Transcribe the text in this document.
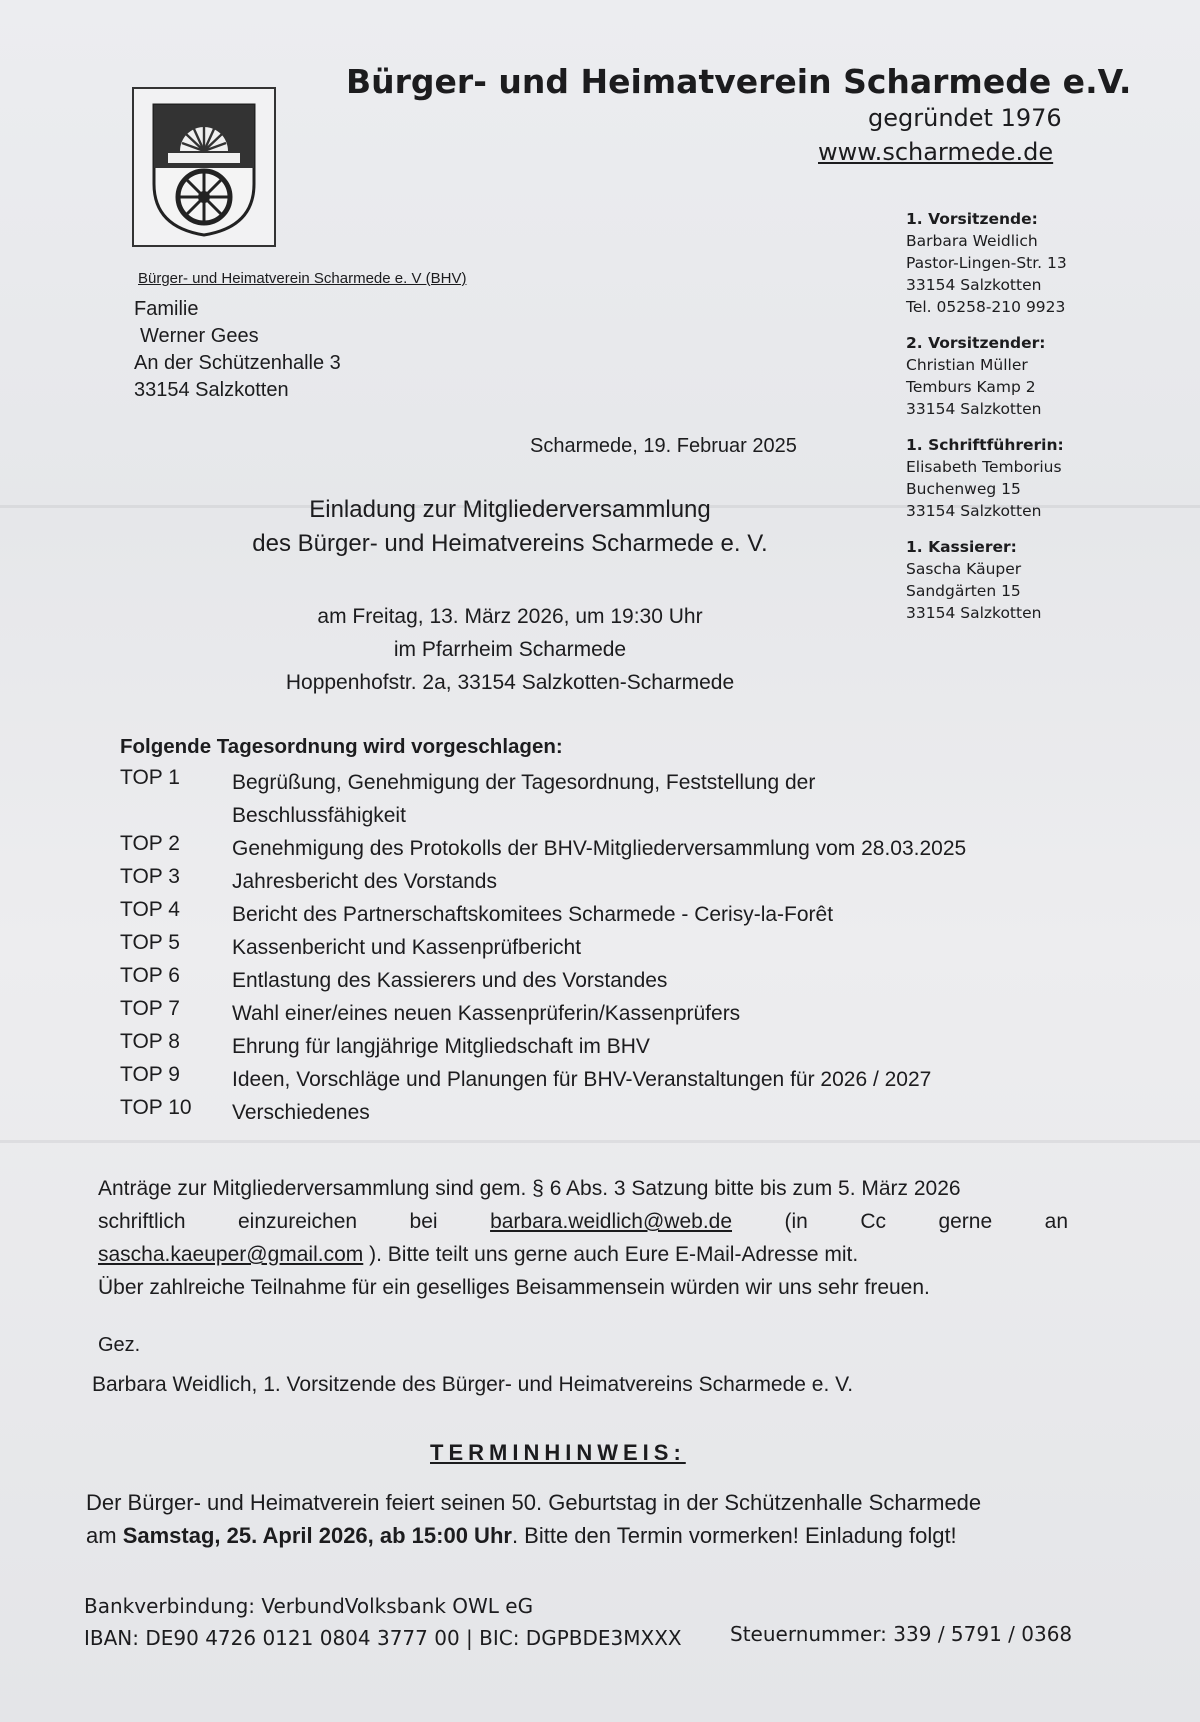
Bürger- und Heimatverein Scharmede e.V.
gegründet 1976
www.scharmede.de
1. Vorsitzende:
Barbara Weidlich
Pastor-Lingen-Str. 13
33154 Salzkotten
Tel. 05258-210 9923
2. Vorsitzender:
Christian Müller
Temburs Kamp 2
33154 Salzkotten
1. Schriftführerin:
Elisabeth Temborius
Buchenweg 15
33154 Salzkotten
1. Kassierer:
Sascha Käuper
Sandgärten 15
33154 Salzkotten
Bürger- und Heimatverein Scharmede e. V (BHV)
Familie
Werner Gees
An der Schützenhalle 3
33154 Salzkotten
Scharmede, 19. Februar 2025
Einladung zur Mitgliederversammlung
des Bürger- und Heimatvereins Scharmede e. V.
am Freitag, 13. März 2026, um 19:30 Uhr
im Pfarrheim Scharmede
Hoppenhofstr. 2a, 33154 Salzkotten-Scharmede
Folgende Tagesordnung wird vorgeschlagen:
TOP 1	Begrüßung, Genehmigung der Tagesordnung, Feststellung der Beschlussfähigkeit
TOP 2	Genehmigung des Protokolls der BHV-Mitgliederversammlung vom 28.03.2025
TOP 3	Jahresbericht des Vorstands
TOP 4	Bericht des Partnerschaftskomitees Scharmede - Cerisy-la-Forêt
TOP 5	Kassenbericht und Kassenprüfbericht
TOP 6	Entlastung des Kassierers und des Vorstandes
TOP 7	Wahl einer/eines neuen Kassenprüferin/Kassenprüfers
TOP 8	Ehrung für langjährige Mitgliedschaft im BHV
TOP 9	Ideen, Vorschläge und Planungen für BHV-Veranstaltungen für 2026 / 2027
TOP 10	Verschiedenes
Anträge zur Mitgliederversammlung sind gem. § 6 Abs. 3 Satzung bitte bis zum 5. März 2026
schriftlich einzureichen bei barbara.weidlich@web.de (in Cc gerne an
sascha.kaeuper@gmail.com ). Bitte teilt uns gerne auch Eure E-Mail-Adresse mit.
Über zahlreiche Teilnahme für ein geselliges Beisammensein würden wir uns sehr freuen.
Gez.
Barbara Weidlich, 1. Vorsitzende des Bürger- und Heimatvereins Scharmede e. V.
TERMINHINWEIS:
Der Bürger- und Heimatverein feiert seinen 50. Geburtstag in der Schützenhalle Scharmede
am Samstag, 25. April 2026, ab 15:00 Uhr. Bitte den Termin vormerken! Einladung folgt!
Bankverbindung: VerbundVolksbank OWL eG
IBAN: DE90 4726 0121 0804 3777 00 | BIC: DGPBDE3MXXX Steuernummer: 339 / 5791 / 0368
